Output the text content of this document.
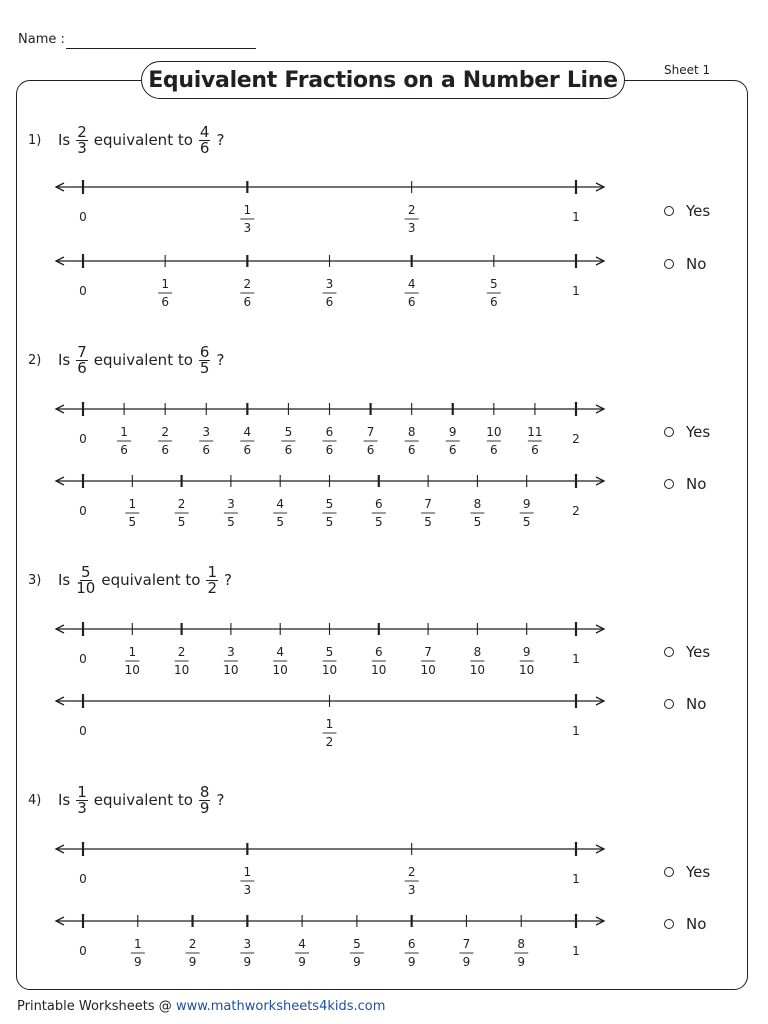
Name :
Equivalent Fractions on a Number Line	Sheet 1
0	1
3
2
3
1
0	1
6
2
6
3
6
4
6
5
6
1
0	1
6
2
6
3
6
4
6
5
6
6
6
7
6
8
6
9
6
10
6
11
6
2
0	1
5
2
5
3
5
4
5
5
5
6
5
7
5
8
5
9
5
2
0	1
10
2
10
3
10
4
10
5
10
6
10
7
10
8
10
9
10
1
0	1
2
1
0	1
3
2
3
1
0	1
9
2
9
3
9
4
9
5
9
6
9
7
9
8
9
1
1)	Is $\frac{2}{3}$ equivalent to $\frac{4}{6}$ ?
Yes
No
2)	Is $\frac{7}{6}$ equivalent to $\frac{6}{5}$ ?
Yes
No
3)	Is $\frac{5}{10}$ equivalent to $\frac{1}{2}$ ?
Yes
No
4)	Is $\frac{1}{3}$ equivalent to $\frac{8}{9}$ ?
Yes
No
Printable Worksheets @ www.mathworksheets4kids.com
